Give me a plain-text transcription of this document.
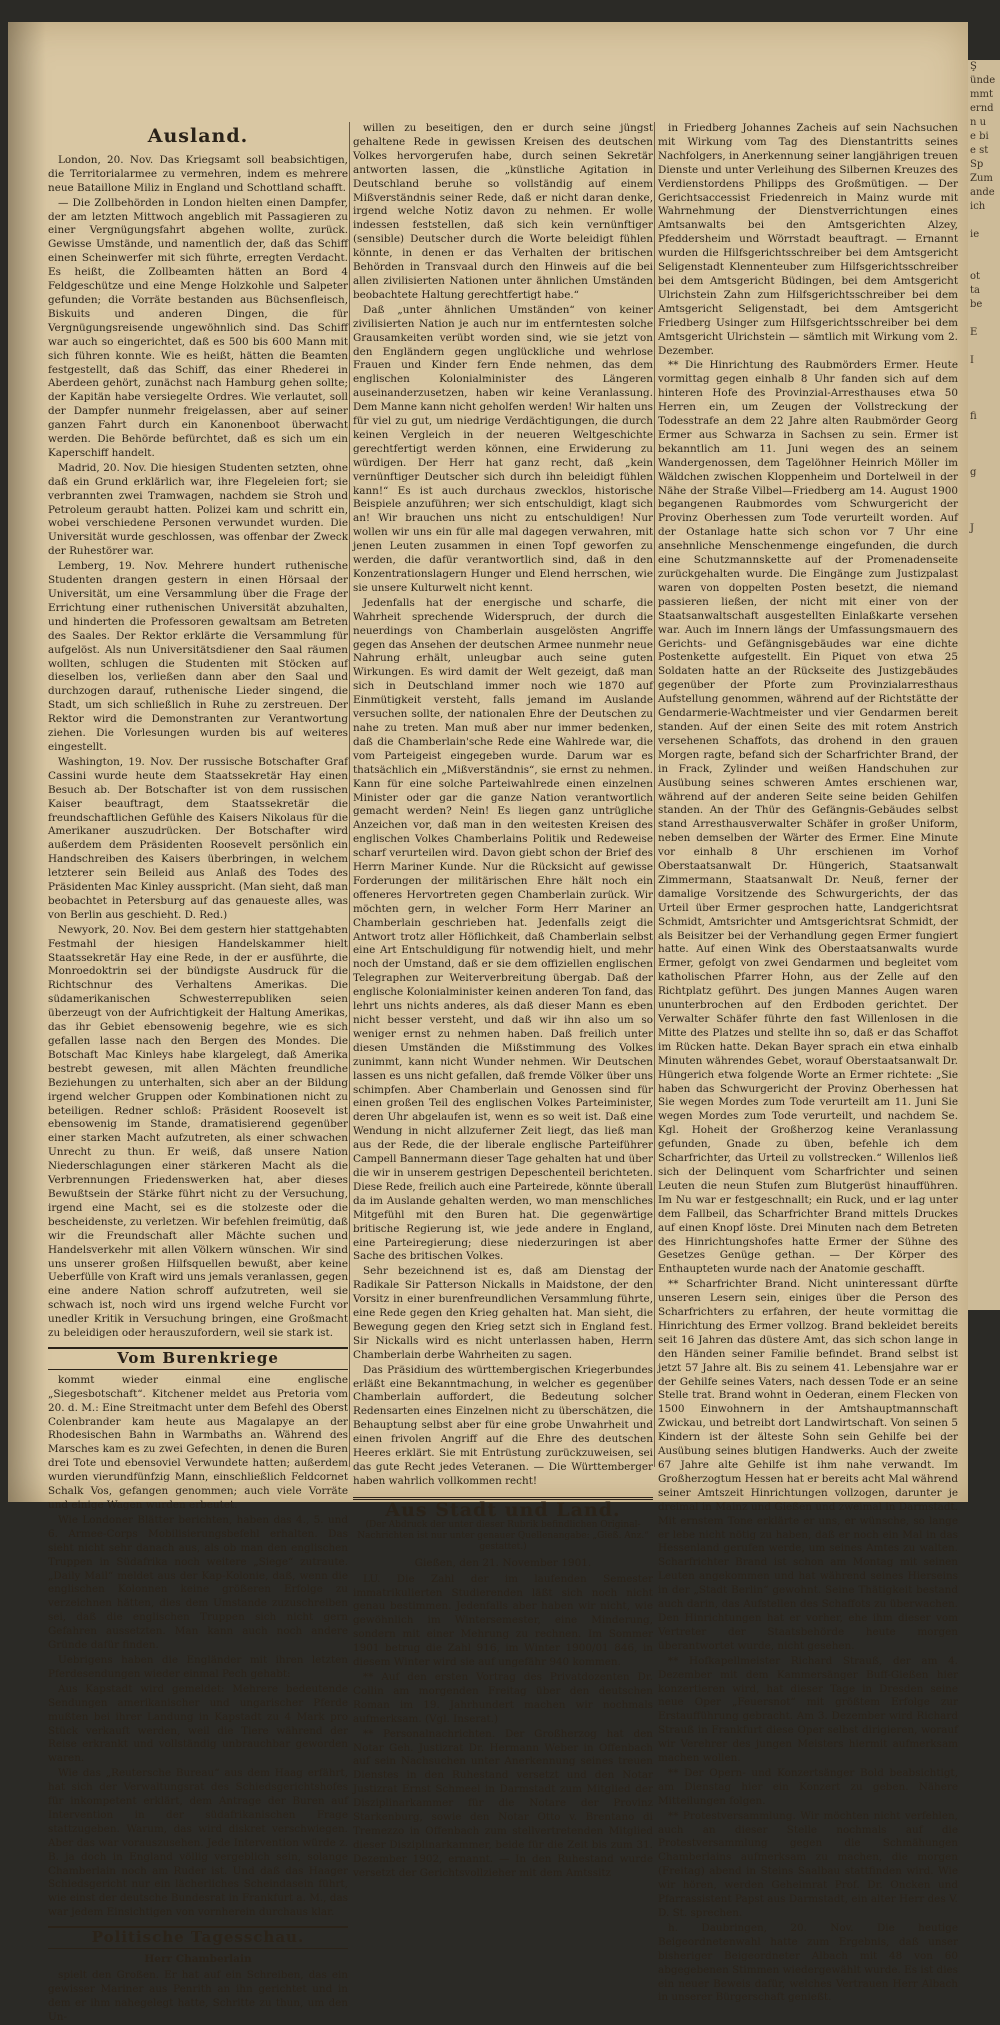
Ausland.

London, 20. Nov. Das Kriegsamt soll beabsichtigen, die Territorialarmee zu vermehren, indem es mehrere neue Bataillone Miliz in England und Schottland schafft.

— Die Zollbehörden in London hielten einen Dampfer, der am letzten Mittwoch angeblich mit Passagieren zu einer Vergnügungsfahrt abgehen wollte, zurück. Gewisse Umstände, und namentlich der, daß das Schiff einen Scheinwerfer mit sich führte, erregten Verdacht. Es heißt, die Zollbeamten hätten an Bord 4 Feldgeschütze und eine Menge Holzkohle und Salpeter gefunden; die Vorräte bestanden aus Büchsenfleisch, Biskuits und anderen Dingen, die für Vergnügungsreisende ungewöhnlich sind. Das Schiff war auch so eingerichtet, daß es 500 bis 600 Mann mit sich führen konnte. Wie es heißt, hätten die Beamten festgestellt, daß das Schiff, das einer Rhederei in Aberdeen gehört, zunächst nach Hamburg gehen sollte; der Kapitän habe versiegelte Ordres. Wie verlautet, soll der Dampfer nunmehr freigelassen, aber auf seiner ganzen Fahrt durch ein Kanonenboot überwacht werden. Die Behörde befürchtet, daß es sich um ein Kaperschiff handelt.

Madrid, 20. Nov. Die hiesigen Studenten setzten, ohne daß ein Grund erklärlich war, ihre Flegeleien fort; sie verbrannten zwei Tramwagen, nachdem sie Stroh und Petroleum geraubt hatten. Polizei kam und schritt ein, wobei verschiedene Personen verwundet wurden. Die Universität wurde geschlossen, was offenbar der Zweck der Ruhestörer war.

Lemberg, 19. Nov. Mehrere hundert ruthenische Studenten drangen gestern in einen Hörsaal der Universität, um eine Versammlung über die Frage der Errichtung einer ruthenischen Universität abzuhalten, und hinderten die Professoren gewaltsam am Betreten des Saales. Der Rektor erklärte die Versammlung für aufgelöst. Als nun Universitätsdiener den Saal räumen wollten, schlugen die Studenten mit Stöcken auf dieselben los, verließen dann aber den Saal und durchzogen darauf, ruthenische Lieder singend, die Stadt, um sich schließlich in Ruhe zu zerstreuen. Der Rektor wird die Demonstranten zur Verantwortung ziehen. Die Vorlesungen wurden bis auf weiteres eingestellt.

Washington, 19. Nov. Der russische Botschafter Graf Cassini wurde heute dem Staatssekretär Hay einen Besuch ab. Der Botschafter ist von dem russischen Kaiser beauftragt, dem Staatssekretär die freundschaftlichen Gefühle des Kaisers Nikolaus für die Amerikaner auszudrücken. Der Botschafter wird außerdem dem Präsidenten Roosevelt persönlich ein Handschreiben des Kaisers überbringen, in welchem letzterer sein Beileid aus Anlaß des Todes des Präsidenten Mac Kinley ausspricht. (Man sieht, daß man beobachtet in Petersburg auf das genaueste alles, was von Berlin aus geschieht. D. Red.)

Newyork, 20. Nov. Bei dem gestern hier stattgehabten Festmahl der hiesigen Handelskammer hielt Staatssekretär Hay eine Rede, in der er ausführte, die Monroedoktrin sei der bündigste Ausdruck für die Richtschnur des Verhaltens Amerikas. Die südamerikanischen Schwesterrepubliken seien überzeugt von der Aufrichtigkeit der Haltung Amerikas, das ihr Gebiet ebensowenig begehre, wie es sich gefallen lasse nach den Bergen des Mondes. Die Botschaft Mac Kinleys habe klargelegt, daß Amerika bestrebt gewesen, mit allen Mächten freundliche Beziehungen zu unterhalten, sich aber an der Bildung irgend welcher Gruppen oder Kombinationen nicht zu beteiligen. Redner schloß: Präsident Roosevelt ist ebensowenig im Stande, dramatisierend gegenüber einer starken Macht aufzutreten, als einer schwachen Unrecht zu thun. Er weiß, daß unsere Nation Niederschlagungen einer stärkeren Macht als die Verbrennungen Friedenswerken hat, aber dieses Bewußtsein der Stärke führt nicht zu der Versuchung, irgend eine Macht, sei es die stolzeste oder die bescheidenste, zu verletzen. Wir befehlen freimütig, daß wir die Freundschaft aller Mächte suchen und Handelsverkehr mit allen Völkern wünschen. Wir sind uns unserer großen Hilfsquellen bewußt, aber keine Ueberfülle von Kraft wird uns jemals veranlassen, gegen eine andere Nation schroff aufzutreten, weil sie schwach ist, noch wird uns irgend welche Furcht vor unedler Kritik in Versuchung bringen, eine Großmacht zu beleidigen oder herauszufordern, weil sie stark ist.

Vom Burenkriege

kommt wieder einmal eine englische „Siegesbotschaft“. Kitchener meldet aus Pretoria vom 20. d. M.: Eine Streitmacht unter dem Befehl des Oberst Colenbrander kam heute aus Magalapye an der Rhodesischen Bahn in Warmbaths an. Während des Marsches kam es zu zwei Gefechten, in denen die Buren drei Tote und ebensoviel Verwundete hatten; außerdem wurden vierundfünfzig Mann, einschließlich Feldcornet Schalk Vos, gefangen genommen; auch viele Vorräte und einige Wagen wurden erbeutet.

Wie Londoner Blätter berichten, haben das 4., 5. und 6. Armee-Corps Mobilisierungsbefehl erhalten. Das sieht nicht sehr danach aus, als ob man den englischen Truppen in Südafrika noch weitere „Siege“ zutraute. „Daily Mail“ meldet aus der Kap-Kolonie, daß, wenn die englischen Kolonnen keine größeren Erfolge zu verzeichnen hätten, dies dem Umstande zuzuschreiben sei, daß die englischen Truppen sich nicht gern Gefahren aussetzten. Man kann auch noch andere Gründe dafür finden.

Uebrigens haben die Engländer mit ihren letzten Pferdesendungen wieder einmal Pech gehabt:

Aus Kapstadt wird gemeldet: Mehrere bedeutende Sendungen amerikanischer und ungarischer Pferde mußten bei ihrer Landung in Kapstadt zu 4 Mark pro Stück verkauft werden, weil die Tiere während der Reise erkrankt und vollständig unbrauchbar geworden waren.

Wie das „Reutersche Bureau“ aus dem Haag erfährt, hat sich der Verwaltungsrat des Schiedsgerichtshofes für inkompetent erklärt, dem Antrage der Buren auf Intervention in der südafrikanischen Frage stattzugeben. Warum, das wird diskret verschwiegen. Aber das war vorauszusehen. Jede Intervention würde z. B. ja doch in England völlig vergeblich sein, solange Chamberlain noch am Ruder ist. Und daß das Haager Schiedsgericht nur ein lächerliches Scheindasein führt, wie einst der deutsche Bundesrat in Frankfurt a. M., das war jedem Einsichtigen von vornherein durchaus klar.

Politische Tagesschau.
Herr Chamberlain

spielt den Großen. Er hat auf ein Schreiben, das ein gewisser Mariner aus Penrith an ihn gerichtet und in dem er ihm nahegelegt hatte, Schritte zu thun, um den Un-

willen zu beseitigen, den er durch seine jüngst gehaltene Rede in gewissen Kreisen des deutschen Volkes hervorgerufen habe, durch seinen Sekretär antworten lassen, die „künstliche Agitation in Deutschland beruhe so vollständig auf einem Mißverständnis seiner Rede, daß er nicht daran denke, irgend welche Notiz davon zu nehmen. Er wolle indessen feststellen, daß sich kein vernünftiger (sensible) Deutscher durch die Worte beleidigt fühlen könnte, in denen er das Verhalten der britischen Behörden in Transvaal durch den Hinweis auf die bei allen zivilisierten Nationen unter ähnlichen Umständen beobachtete Haltung gerechtfertigt habe.“

Daß „unter ähnlichen Umständen“ von keiner zivilisierten Nation je auch nur im entferntesten solche Grausamkeiten verübt worden sind, wie sie jetzt von den Engländern gegen unglückliche und wehrlose Frauen und Kinder fern Ende nehmen, das dem englischen Kolonialminister des Längeren auseinanderzusetzen, haben wir keine Veranlassung. Dem Manne kann nicht geholfen werden! Wir halten uns für viel zu gut, um niedrige Verdächtigungen, die durch keinen Vergleich in der neueren Weltgeschichte gerechtfertigt werden können, eine Erwiderung zu würdigen. Der Herr hat ganz recht, daß „kein vernünftiger Deutscher sich durch ihn beleidigt fühlen kann!“ Es ist auch durchaus zwecklos, historische Beispiele anzuführen; wer sich entschuldigt, klagt sich an! Wir brauchen uns nicht zu entschuldigen! Nur wollen wir uns ein für alle mal dagegen verwahren, mit jenen Leuten zusammen in einen Topf geworfen zu werden, die dafür verantwortlich sind, daß in den Konzentrationslagern Hunger und Elend herrschen, wie sie unsere Kulturwelt nicht kennt.

Jedenfalls hat der energische und scharfe, die Wahrheit sprechende Widerspruch, der durch die neuerdings von Chamberlain ausgelösten Angriffe gegen das Ansehen der deutschen Armee nunmehr neue Nahrung erhält, unleugbar auch seine guten Wirkungen. Es wird damit der Welt gezeigt, daß man sich in Deutschland immer noch wie 1870 auf Einmütigkeit versteht, falls jemand im Auslande versuchen sollte, der nationalen Ehre der Deutschen zu nahe zu treten. Man muß aber nur immer bedenken, daß die Chamberlain'sche Rede eine Wahlrede war, die vom Parteigeist eingegeben wurde. Darum war es thatsächlich ein „Mißverständnis“, sie ernst zu nehmen. Kann für eine solche Parteiwahlrede einen einzelnen Minister oder gar die ganze Nation verantwortlich gemacht werden? Nein! Es liegen ganz untrügliche Anzeichen vor, daß man in den weitesten Kreisen des englischen Volkes Chamberlains Politik und Redeweise scharf verurteilen wird. Davon giebt schon der Brief des Herrn Mariner Kunde. Nur die Rücksicht auf gewisse Forderungen der militärischen Ehre hält noch ein offeneres Hervortreten gegen Chamberlain zurück. Wir möchten gern, in welcher Form Herr Mariner an Chamberlain geschrieben hat. Jedenfalls zeigt die Antwort trotz aller Höflichkeit, daß Chamberlain selbst eine Art Entschuldigung für notwendig hielt, und mehr noch der Umstand, daß er sie dem offiziellen englischen Telegraphen zur Weiterverbreitung übergab. Daß der englische Kolonialminister keinen anderen Ton fand, das lehrt uns nichts anderes, als daß dieser Mann es eben nicht besser versteht, und daß wir ihn also um so weniger ernst zu nehmen haben. Daß freilich unter diesen Umständen die Mißstimmung des Volkes zunimmt, kann nicht Wunder nehmen. Wir Deutschen lassen es uns nicht gefallen, daß fremde Völker über uns schimpfen. Aber Chamberlain und Genossen sind für einen großen Teil des englischen Volkes Parteiminister, deren Uhr abgelaufen ist, wenn es so weit ist. Daß eine Wendung in nicht allzuferner Zeit liegt, das ließ man aus der Rede, die der liberale englische Parteiführer Campell Bannermann dieser Tage gehalten hat und über die wir in unserem gestrigen Depeschenteil berichteten. Diese Rede, freilich auch eine Parteirede, könnte überall da im Auslande gehalten werden, wo man menschliches Mitgefühl mit den Buren hat. Die gegenwärtige britische Regierung ist, wie jede andere in England, eine Parteiregierung; diese niederzuringen ist aber Sache des britischen Volkes.

Sehr bezeichnend ist es, daß am Dienstag der Radikale Sir Patterson Nickalls in Maidstone, der den Vorsitz in einer burenfreundlichen Versammlung führte, eine Rede gegen den Krieg gehalten hat. Man sieht, die Bewegung gegen den Krieg setzt sich in England fest. Sir Nickalls wird es nicht unterlassen haben, Herrn Chamberlain derbe Wahrheiten zu sagen.

Das Präsidium des württembergischen Kriegerbundes erläßt eine Bekanntmachung, in welcher es gegenüber Chamberlain auffordert, die Bedeutung solcher Redensarten eines Einzelnen nicht zu überschätzen, die Behauptung selbst aber für eine grobe Unwahrheit und einen frivolen Angriff auf die Ehre des deutschen Heeres erklärt. Sie mit Entrüstung zurückzuweisen, sei das gute Recht jedes Veteranen. — Die Württemberger haben wahrlich vollkommen recht!

Aus Stadt und Land.
(Der Abdruck der unter dieser Rubrik befindlichen Original-Nachrichten ist nur unter genauer Quellenangabe: „Gieß. Anz.“ gestattet.)
Gießen, den 21. November 1901.

LU. Die Zahl der im laufenden Semester immatrikulierten Studierenden läßt sich noch nicht genau bestimmen. Jedenfalls aber haben wir nicht, wie gewöhnlich im Wintersemester, eine Minderung, sondern mit einer Mehrung zu rechnen. Im Sommer 1901 betrug die Zahl 916, im Winter 1900/01 846, in diesem Winter wird sie auf ungefähr 940 kommen.

** Auf den ersten Vortrag des Privatdozenten Dr. Collin am morgenden Freitag über den deutschen Roman im 19. Jahrhundert machen wir nochmals aufmerksam. (Vgl. Inserat.)

** Personalnachrichten. Der Großherzog hat den Notar Geh. Justizrat Dr. Hermann Weber in Offenbach auf sein Nachsuchen unter Anerkennung seines treuen Dienstes in den Ruhestand versetzt und den Notar Justizrat Ernst Schmeel in Darmstadt zum Mitglied der Disziplinarkammer für die Notare der Provinz Starkenburg, sowie den Notar Otto v. Brentano di Tremezzo in Offenbach zum stellvertretenden Mitglied dieser Disziplinarkammer, beide für die Zeit bis zum 31. Dezember 1902, ernannt. — In den Ruhestand wurde versetzt der Gerichtsvollzieher mit dem Amtssitz

in Friedberg Johannes Zacheis auf sein Nachsuchen mit Wirkung vom Tag des Dienstantritts seines Nachfolgers, in Anerkennung seiner langjährigen treuen Dienste und unter Verleihung des Silbernen Kreuzes des Verdienstordens Philipps des Großmütigen. — Der Gerichtsaccessist Friedenreich in Mainz wurde mit Wahrnehmung der Dienstverrichtungen eines Amtsanwalts bei den Amtsgerichten Alzey, Pfeddersheim und Wörrstadt beauftragt. — Ernannt wurden die Hilfsgerichtsschreiber bei dem Amtsgericht Seligenstadt Klennenteuber zum Hilfsgerichtsschreiber bei dem Amtsgericht Büdingen, bei dem Amtsgericht Ulrichstein Zahn zum Hilfsgerichtsschreiber bei dem Amtsgericht Seligenstadt, bei dem Amtsgericht Friedberg Usinger zum Hilfsgerichtsschreiber bei dem Amtsgericht Ulrichstein — sämtlich mit Wirkung vom 2. Dezember.

** Die Hinrichtung des Raubmörders Ermer. Heute vormittag gegen einhalb 8 Uhr fanden sich auf dem hinteren Hofe des Provinzial-Arresthauses etwa 50 Herren ein, um Zeugen der Vollstreckung der Todesstrafe an dem 22 Jahre alten Raubmörder Georg Ermer aus Schwarza in Sachsen zu sein. Ermer ist bekanntlich am 11. Juni wegen des an seinem Wandergenossen, dem Tagelöhner Heinrich Möller im Wäldchen zwischen Kloppenheim und Dortelweil in der Nähe der Straße Vilbel—Friedberg am 14. August 1900 begangenen Raubmordes vom Schwurgericht der Provinz Oberhessen zum Tode verurteilt worden. Auf der Ostanlage hatte sich schon vor 7 Uhr eine ansehnliche Menschenmenge eingefunden, die durch eine Schutzmannskette auf der Promenadenseite zurückgehalten wurde. Die Eingänge zum Justizpalast waren von doppelten Posten besetzt, die niemand passieren ließen, der nicht mit einer von der Staatsanwaltschaft ausgestellten Einlaßkarte versehen war. Auch im Innern längs der Umfassungsmauern des Gerichts- und Gefängnisgebäudes war eine dichte Postenkette aufgestellt. Ein Piquet von etwa 25 Soldaten hatte an der Rückseite des Justizgebäudes gegenüber der Pforte zum Provinzialarresthaus Aufstellung genommen, während auf der Richtstätte der Gendarmerie-Wachtmeister und vier Gendarmen bereit standen. Auf der einen Seite des mit rotem Anstrich versehenen Schaffots, das drohend in den grauen Morgen ragte, befand sich der Scharfrichter Brand, der in Frack, Zylinder und weißen Handschuhen zur Ausübung seines schweren Amtes erschienen war, während auf der anderen Seite seine beiden Gehilfen standen. An der Thür des Gefängnis-Gebäudes selbst stand Arresthausverwalter Schäfer in großer Uniform, neben demselben der Wärter des Ermer. Eine Minute vor einhalb 8 Uhr erschienen im Vorhof Oberstaatsanwalt Dr. Hüngerich, Staatsanwalt Zimmermann, Staatsanwalt Dr. Neuß, ferner der damalige Vorsitzende des Schwurgerichts, der das Urteil über Ermer gesprochen hatte, Landgerichtsrat Schmidt, Amtsrichter und Amtsgerichtsrat Schmidt, der als Beisitzer bei der Verhandlung gegen Ermer fungiert hatte. Auf einen Wink des Oberstaatsanwalts wurde Ermer, gefolgt von zwei Gendarmen und begleitet vom katholischen Pfarrer Hohn, aus der Zelle auf den Richtplatz geführt. Des jungen Mannes Augen waren ununterbrochen auf den Erdboden gerichtet. Der Verwalter Schäfer führte den fast Willenlosen in die Mitte des Platzes und stellte ihn so, daß er das Schaffot im Rücken hatte. Dekan Bayer sprach ein etwa einhalb Minuten währendes Gebet, worauf Oberstaatsanwalt Dr. Hüngerich etwa folgende Worte an Ermer richtete: „Sie haben das Schwurgericht der Provinz Oberhessen hat Sie wegen Mordes zum Tode verurteilt am 11. Juni Sie wegen Mordes zum Tode verurteilt, und nachdem Se. Kgl. Hoheit der Großherzog keine Veranlassung gefunden, Gnade zu üben, befehle ich dem Scharfrichter, das Urteil zu vollstrecken.“ Willenlos ließ sich der Delinquent vom Scharfrichter und seinen Leuten die neun Stufen zum Blutgerüst hinaufführen. Im Nu war er festgeschnallt; ein Ruck, und er lag unter dem Fallbeil, das Scharfrichter Brand mittels Druckes auf einen Knopf löste. Drei Minuten nach dem Betreten des Hinrichtungshofes hatte Ermer der Sühne des Gesetzes Genüge gethan. — Der Körper des Enthaupteten wurde nach der Anatomie geschafft.

** Scharfrichter Brand. Nicht uninteressant dürfte unseren Lesern sein, einiges über die Person des Scharfrichters zu erfahren, der heute vormittag die Hinrichtung des Ermer vollzog. Brand bekleidet bereits seit 16 Jahren das düstere Amt, das sich schon lange in den Händen seiner Familie befindet. Brand selbst ist jetzt 57 Jahre alt. Bis zu seinem 41. Lebensjahre war er der Gehilfe seines Vaters, nach dessen Tode er an seine Stelle trat. Brand wohnt in Oederan, einem Flecken von 1500 Einwohnern in der Amtshauptmannschaft Zwickau, und betreibt dort Landwirtschaft. Von seinen 5 Kindern ist der älteste Sohn sein Gehilfe bei der Ausübung seines blutigen Handwerks. Auch der zweite 67 Jahre alte Gehilfe ist ihm nahe verwandt. Im Großherzogtum Hessen hat er bereits acht Mal während seiner Amtszeit Hinrichtungen vollzogen, darunter je dreimal in Mainz und Gießen und zweimal in Darmstadt. Mit ernstem Tone erklärte er uns, er wünsche, so lange er lebe nicht nötig zu haben, daß er noch ein Mal in das Hessenland gerufen werde, um seines Amtes zu walten. Scharfrichter Brand ist schon am Montag mit seinen Leuten angekommen und hat während seines Hierseins in der „Stadt Berlin“ gewohnt. Seine Thätigkeit bestand auch darin, das Aufstellen des Schaffots zu überwachen. Den Hinrichtungen hat er vorher, ehe ihm dieser vom Vertreter der Staatsbehörde heute morgen überantwortet wurde, nicht gesehen.

** Hofkapellmeister Richard Strauß, der am 4. Dezember mit dem Kammersänger Buff-Gießen hier konzertieren wird, hat dieser Tage in Dresden seine neue Oper „Feuersnot“ mit größtem Erfolge zur Erstaufführung gebracht. Am 3. Dezember wird Richard Strauß in Frankfurt diese Oper selbst dirigieren, worauf wir Verehrer des jungen Meisters hiermit aufmerksam machen wollen.

** Der Opern- und Konzertsänger Bold beabsichtigt, am Dienstag hier ein Konzert zu geben. Nähere Mitteilungen folgen.

** Protestversammlung. Wir möchten nicht verfehlen, auch an dieser Stelle nochmals auf die Protestversammlung gegen die Schmähungen Chamberlains aufmerksam zu machen, die morgen (Freitag) abend in Steins Saalbau stattfinden wird. Wie wir hören, werden Geheimrat Prof. Dr. Oncken und Pfarrassistent Papst aus Darmstadt, ein alter Herr des V. D. St. sprechen.

h. Daubringen, 20. Nov. Die heutige Beigeordnetenwahl hatte zum Ergebnis, daß unser bisheriger Beigeordneter Albach mit 48 von 60 abgegebenen Stimmen wiedergewählt wurde. Es ist dies ein neuer Beweis dafür, welches Vertrauen Herr Albach in unserer Bürgerschaft genießt.

Ş
ünde
mmt
ernd
n u
e bi
e st
Sp
Zum
ande
ich

ie

ot
ta
be

E

I

fi

g

J
